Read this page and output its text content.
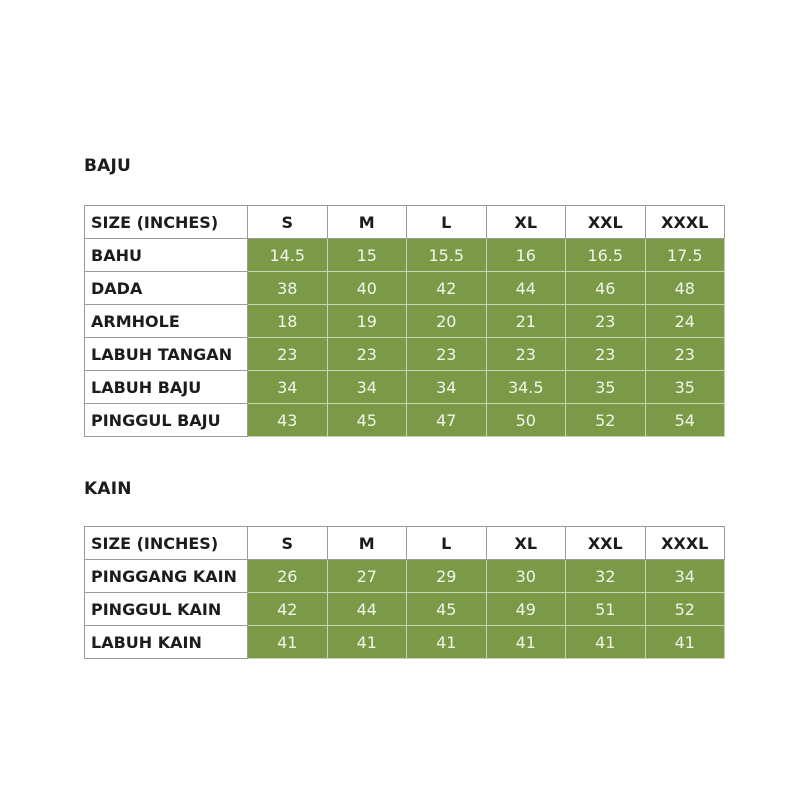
BAJU
SIZE (INCHES)	S	M	L	XL	XXL	XXXL
BAHU	14.5	15	15.5	16	16.5	17.5
DADA	38	40	42	44	46	48
ARMHOLE	18	19	20	21	23	24
LABUH TANGAN	23	23	23	23	23	23
LABUH BAJU	34	34	34	34.5	35	35
PINGGUL BAJU	43	45	47	50	52	54
KAIN
SIZE (INCHES)	S	M	L	XL	XXL	XXXL
PINGGANG KAIN	26	27	29	30	32	34
PINGGUL KAIN	42	44	45	49	51	52
LABUH KAIN	41	41	41	41	41	41
